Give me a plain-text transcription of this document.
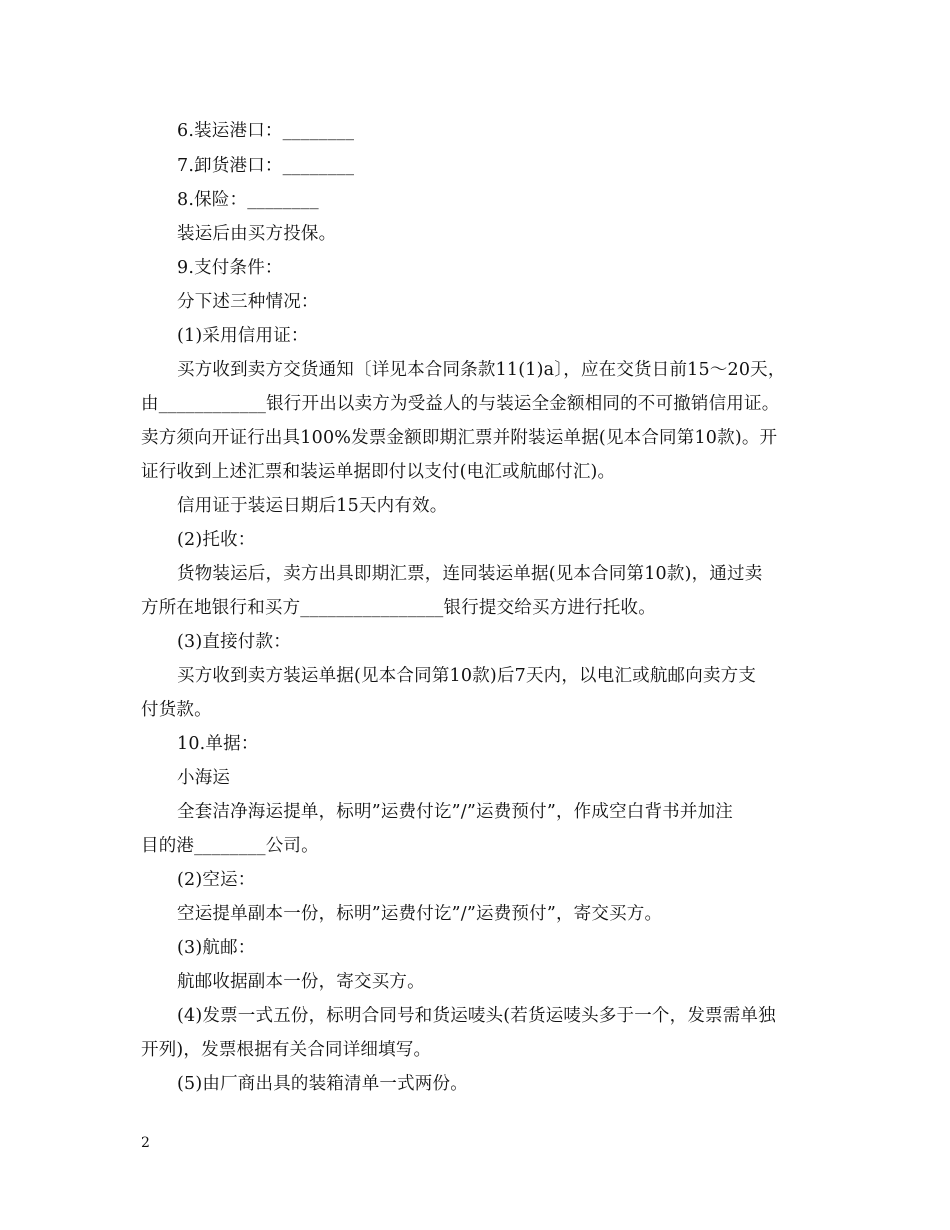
6.装运港口：________
7.卸货港口：________
8.保险：________
装运后由买方投保。
9.支付条件：
分下述三种情况：
(1)采用信用证：
买方收到卖方交货通知〔详见本合同条款11(1)a〕，应在交货日前15～20天，
由____________银行开出以卖方为受益人的与装运全金额相同的不可撤销信用证。
卖方须向开证行出具100%发票金额即期汇票并附装运单据(见本合同第10款)。开
证行收到上述汇票和装运单据即付以支付(电汇或航邮付汇)。
信用证于装运日期后15天内有效。
(2)托收：
货物装运后，卖方出具即期汇票，连同装运单据(见本合同第10款)，通过卖
方所在地银行和买方________________银行提交给买方进行托收。
(3)直接付款：
买方收到卖方装运单据(见本合同第10款)后7天内，以电汇或航邮向卖方支
付货款。
10.单据：
小海运
全套洁净海运提单，标明”运费付讫”/”运费预付”，作成空白背书并加注
目的港________公司。
(2)空运：
空运提单副本一份，标明”运费付讫”/”运费预付”，寄交买方。
(3)航邮：
航邮收据副本一份，寄交买方。
(4)发票一式五份，标明合同号和货运唛头(若货运唛头多于一个，发票需单独
开列)，发票根据有关合同详细填写。
(5)由厂商出具的装箱清单一式两份。
2
